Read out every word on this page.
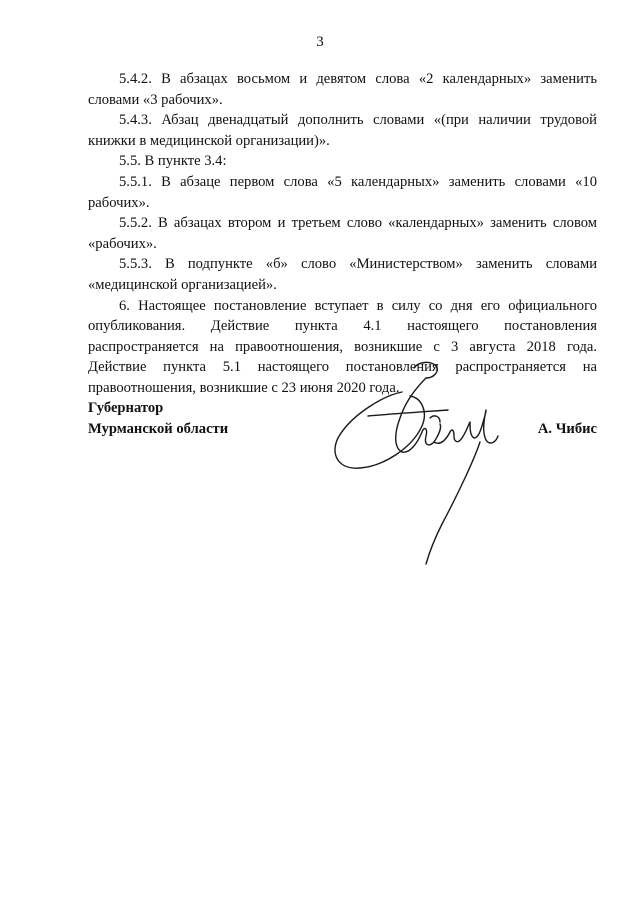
3

5.4.2. В абзацах восьмом и девятом слова «2 календарных» заменить словами «3 рабочих».

5.4.3. Абзац двенадцатый дополнить словами «(при наличии трудовой книжки в медицинской организации)».

5.5. В пункте 3.4:

5.5.1. В абзаце первом слова «5 календарных» заменить словами «10 рабочих».

5.5.2. В абзацах втором и третьем слово «календарных» заменить словом «рабочих».

5.5.3. В подпункте «б» слово «Министерством» заменить словами «медицинской организацией».

6. Настоящее постановление вступает в силу со дня его официального опубликования. Действие пункта 4.1 настоящего постановления распространяется на правоотношения, возникшие с 3 августа 2018 года. Действие пункта 5.1 настоящего постановления распространяется на правоотношения, возникшие с 23 июня 2020 года.

Губернатор
Мурманской области	А. Чибис
